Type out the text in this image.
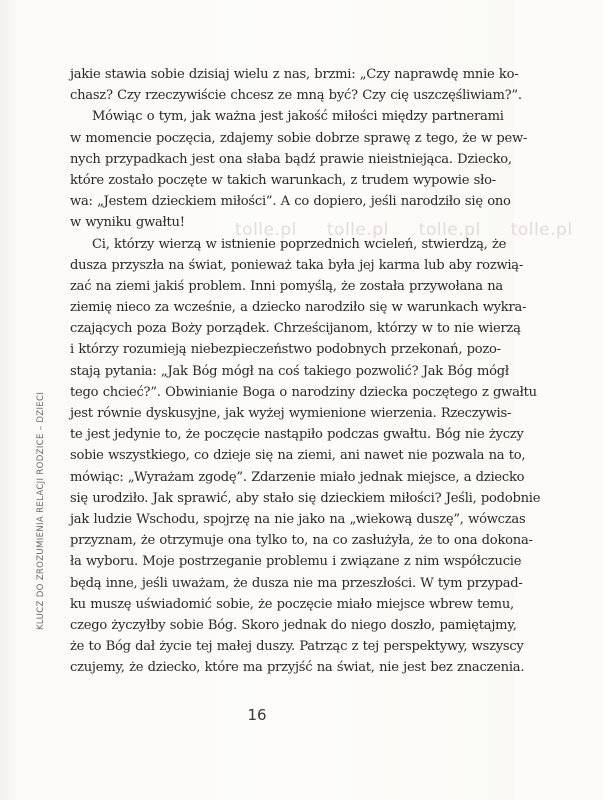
tolle.pl tolle.pl tolle.pl tolle.pl
KLUCZ DO ZROZUMIENIA RELACJI RODZICE – DZIECI
jakie stawia sobie dzisiaj wielu z nas, brzmi: „Czy naprawdę mnie ko-
chasz? Czy rzeczywiście chcesz ze mną być? Czy cię uszczęśliwiam?”.
Mówiąc o tym, jak ważna jest jakość miłości między partnerami
w momencie poczęcia, zdajemy sobie dobrze sprawę z tego, że w pew-
nych przypadkach jest ona słaba bądź prawie nieistniejąca. Dziecko,
które zostało poczęte w takich warunkach, z trudem wypowie sło-
wa: „Jestem dzieckiem miłości”. A co dopiero, jeśli narodziło się ono
w wyniku gwałtu!
Ci, którzy wierzą w istnienie poprzednich wcieleń, stwierdzą, że
dusza przyszła na świat, ponieważ taka była jej karma lub aby rozwią-
zać na ziemi jakiś problem. Inni pomyślą, że została przywołana na
ziemię nieco za wcześnie, a dziecko narodziło się w warunkach wykra-
czających poza Boży porządek. Chrześcijanom, którzy w to nie wierzą
i którzy rozumieją niebezpieczeństwo podobnych przekonań, pozo-
stają pytania: „Jak Bóg mógł na coś takiego pozwolić? Jak Bóg mógł
tego chcieć?”. Obwinianie Boga o narodziny dziecka poczętego z gwałtu
jest równie dyskusyjne, jak wyżej wymienione wierzenia. Rzeczywis-
te jest jedynie to, że poczęcie nastąpiło podczas gwałtu. Bóg nie życzy
sobie wszystkiego, co dzieje się na ziemi, ani nawet nie pozwala na to,
mówiąc: „Wyrażam zgodę”. Zdarzenie miało jednak miejsce, a dziecko
się urodziło. Jak sprawić, aby stało się dzieckiem miłości? Jeśli, podobnie
jak ludzie Wschodu, spojrzę na nie jako na „wiekową duszę”, wówczas
przyznam, że otrzymuje ona tylko to, na co zasłużyła, że to ona dokona-
ła wyboru. Moje postrzeganie problemu i związane z nim współczucie
będą inne, jeśli uważam, że dusza nie ma przeszłości. W tym przypad-
ku muszę uświadomić sobie, że poczęcie miało miejsce wbrew temu,
czego życzyłby sobie Bóg. Skoro jednak do niego doszło, pamiętajmy,
że to Bóg dał życie tej małej duszy. Patrząc z tej perspektywy, wszyscy
czujemy, że dziecko, które ma przyjść na świat, nie jest bez znaczenia.
16
